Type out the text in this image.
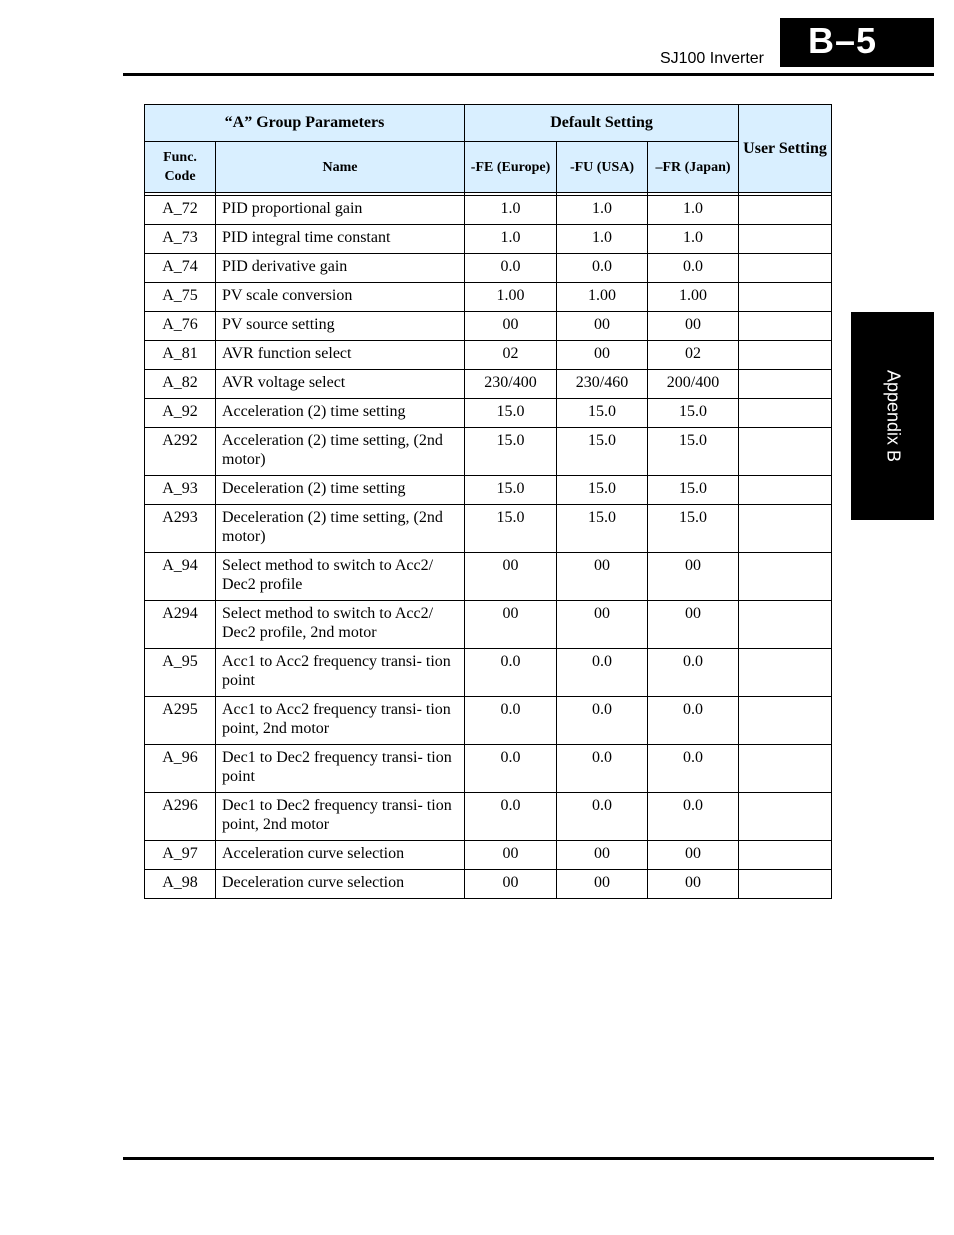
SJ100 Inverter	B–5
Appendix B
“A” Group Parameters		Default Setting			User Setting
Func. Code	Name	-FE (Europe)	-FU (USA)	–FR (Japan)	

A_72	PID proportional gain	1.0	1.0	1.0	
A_73	PID integral time constant	1.0	1.0	1.0	
A_74	PID derivative gain	0.0	0.0	0.0	
A_75	PV scale conversion	1.00	1.00	1.00	
A_76	PV source setting	00	00	00	
A_81	AVR function select	02	00	02	
A_82	AVR voltage select	230/400	230/460	200/400	
A_92	Acceleration (2) time setting	15.0	15.0	15.0	
A292	Acceleration (2) time setting, (2nd motor)	15.0	15.0	15.0	
A_93	Deceleration (2) time setting	15.0	15.0	15.0	
A293	Deceleration (2) time setting, (2nd motor)	15.0	15.0	15.0	
A_94	Select method to switch to Acc2/ Dec2 profile	00	00	00	
A294	Select method to switch to Acc2/ Dec2 profile, 2nd motor	00	00	00	
A_95	Acc1 to Acc2 frequency transi- tion point	0.0	0.0	0.0	
A295	Acc1 to Acc2 frequency transi- tion point, 2nd motor	0.0	0.0	0.0	
A_96	Dec1 to Dec2 frequency transi- tion point	0.0	0.0	0.0	
A296	Dec1 to Dec2 frequency transi- tion point, 2nd motor	0.0	0.0	0.0	
A_97	Acceleration curve selection	00	00	00	
A_98	Deceleration curve selection	00	00	00	
